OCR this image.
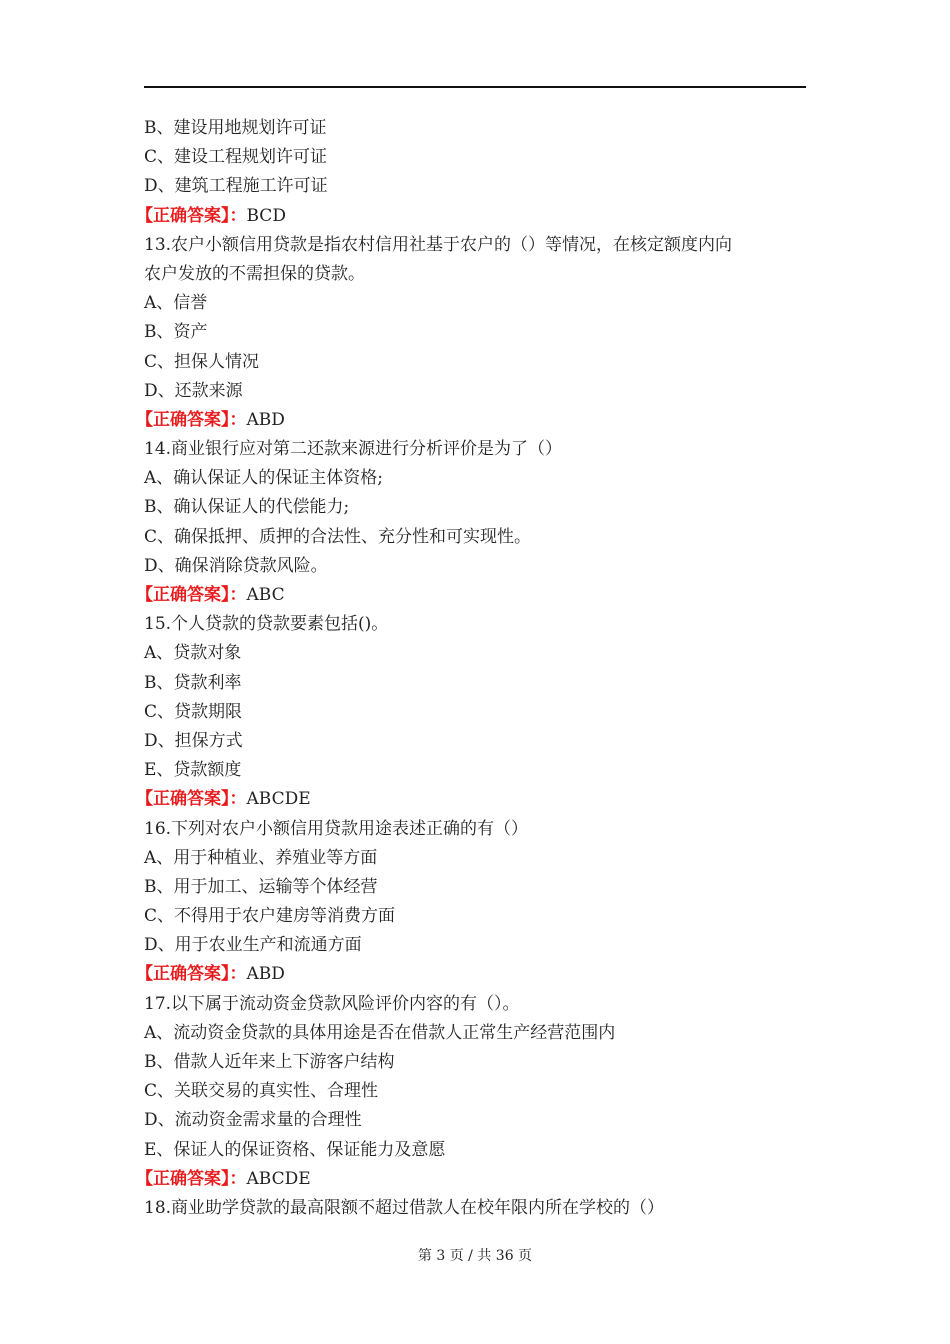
B、建设用地规划许可证
C、建设工程规划许可证
D、建筑工程施工许可证
【正确答案】：BCD
13.农户小额信用贷款是指农村信用社基于农户的（）等情况，在核定额度内向
农户发放的不需担保的贷款。
A、信誉
B、资产
C、担保人情况
D、还款来源
【正确答案】：ABD
14.商业银行应对第二还款来源进行分析评价是为了（）
A、确认保证人的保证主体资格;
B、确认保证人的代偿能力;
C、确保抵押、质押的合法性、充分性和可实现性。
D、确保消除贷款风险。
【正确答案】：ABC
15.个人贷款的贷款要素包括()。
A、贷款对象
B、贷款利率
C、贷款期限
D、担保方式
E、贷款额度
【正确答案】：ABCDE
16.下列对农户小额信用贷款用途表述正确的有（）
A、用于种植业、养殖业等方面
B、用于加工、运输等个体经营
C、不得用于农户建房等消费方面
D、用于农业生产和流通方面
【正确答案】：ABD
17.以下属于流动资金贷款风险评价内容的有（）。
A、流动资金贷款的具体用途是否在借款人正常生产经营范围内
B、借款人近年来上下游客户结构
C、关联交易的真实性、合理性
D、流动资金需求量的合理性
E、保证人的保证资格、保证能力及意愿
【正确答案】：ABCDE
18.商业助学贷款的最高限额不超过借款人在校年限内所在学校的（）
第 3 页 / 共 36 页
